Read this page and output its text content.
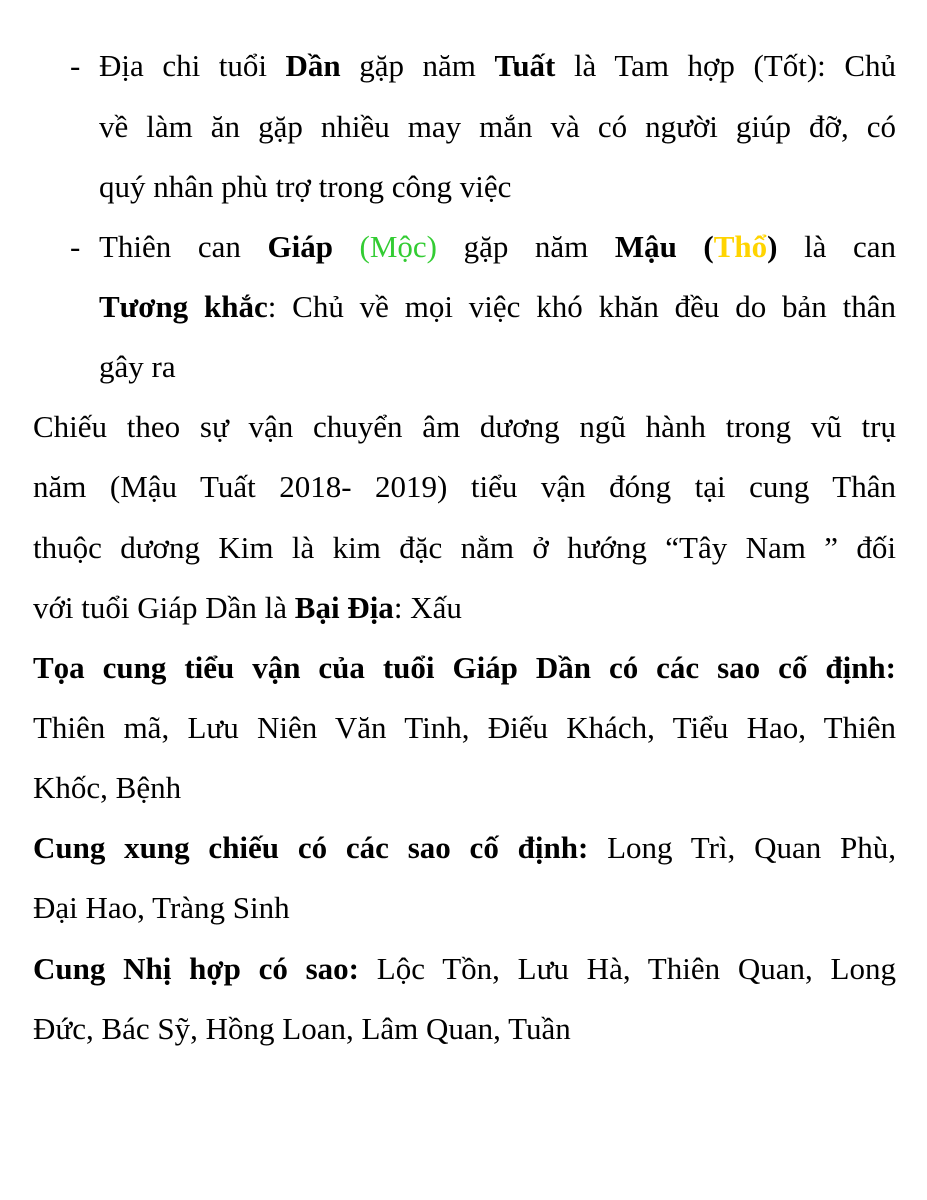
- Địa chi tuổi Dần gặp năm Tuất là Tam hợp (Tốt): Chủ
về làm ăn gặp nhiều may mắn và có người giúp đỡ, có
quý nhân phù trợ trong công việc
- Thiên can Giáp (Mộc) gặp năm Mậu (Thổ) là can
Tương khắc: Chủ về mọi việc khó khăn đều do bản thân
gây ra
Chiếu theo sự vận chuyển âm dương ngũ hành trong vũ trụ
năm (Mậu Tuất 2018- 2019) tiểu vận đóng tại cung Thân
thuộc dương Kim là kim đặc nằm ở hướng “Tây Nam ” đối
với tuổi Giáp Dần là Bại Địa: Xấu
Tọa cung tiểu vận của tuổi Giáp Dần có các sao cố định:
Thiên mã, Lưu Niên Văn Tinh, Điếu Khách, Tiểu Hao, Thiên
Khốc, Bệnh
Cung xung chiếu có các sao cố định: Long Trì, Quan Phù,
Đại Hao, Tràng Sinh
Cung Nhị hợp có sao: Lộc Tồn, Lưu Hà, Thiên Quan, Long
Đức, Bác Sỹ, Hồng Loan, Lâm Quan, Tuần
